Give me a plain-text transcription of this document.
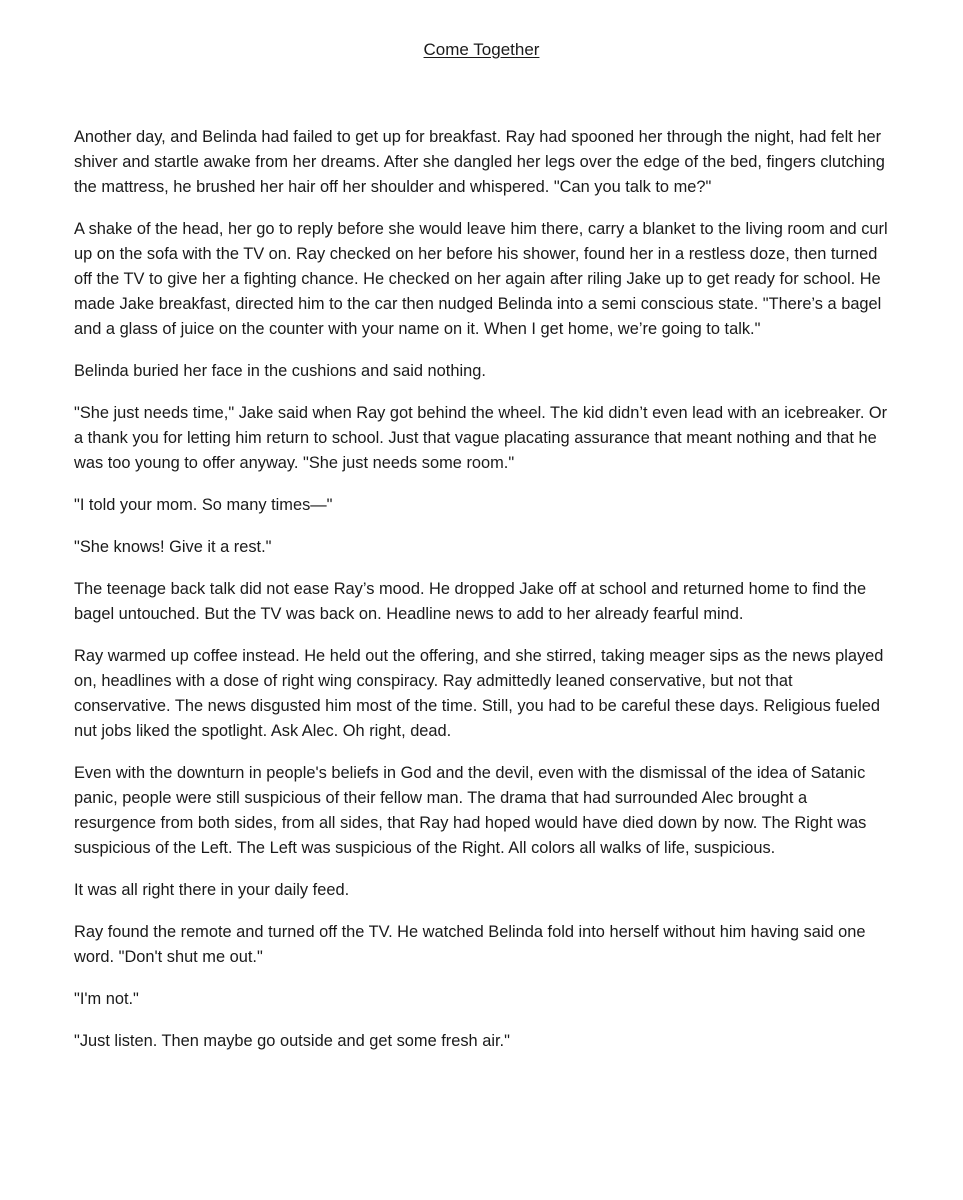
Come Together

Another day, and Belinda had failed to get up for breakfast. Ray had spooned her through the night, had felt her shiver and startle awake from her dreams. After she dangled her legs over the edge of the bed, fingers clutching the mattress, he brushed her hair off her shoulder and whispered. "Can you talk to me?"

A shake of the head, her go to reply before she would leave him there, carry a blanket to the living room and curl up on the sofa with the TV on. Ray checked on her before his shower, found her in a restless doze, then turned off the TV to give her a fighting chance. He checked on her again after riling Jake up to get ready for school. He made Jake breakfast, directed him to the car then nudged Belinda into a semi conscious state. "There’s a bagel and a glass of juice on the counter with your name on it. When I get home, we’re going to talk."

Belinda buried her face in the cushions and said nothing.

"She just needs time," Jake said when Ray got behind the wheel. The kid didn’t even lead with an icebreaker. Or a thank you for letting him return to school. Just that vague placating assurance that meant nothing and that he was too young to offer anyway. "She just needs some room."

"I told your mom. So many times—"

"She knows! Give it a rest."

The teenage back talk did not ease Ray’s mood. He dropped Jake off at school and returned home to find the bagel untouched. But the TV was back on. Headline news to add to her already fearful mind.

Ray warmed up coffee instead. He held out the offering, and she stirred, taking meager sips as the news played on, headlines with a dose of right wing conspiracy. Ray admittedly leaned conservative, but not that conservative. The news disgusted him most of the time. Still, you had to be careful these days. Religious fueled nut jobs liked the spotlight. Ask Alec. Oh right, dead.

Even with the downturn in people's beliefs in God and the devil, even with the dismissal of the idea of Satanic panic, people were still suspicious of their fellow man. The drama that had surrounded Alec brought a resurgence from both sides, from all sides, that Ray had hoped would have died down by now. The Right was suspicious of the Left. The Left was suspicious of the Right. All colors all walks of life, suspicious.

It was all right there in your daily feed.

Ray found the remote and turned off the TV. He watched Belinda fold into herself without him having said one word. "Don't shut me out."

"I'm not."

"Just listen. Then maybe go outside and get some fresh air."
